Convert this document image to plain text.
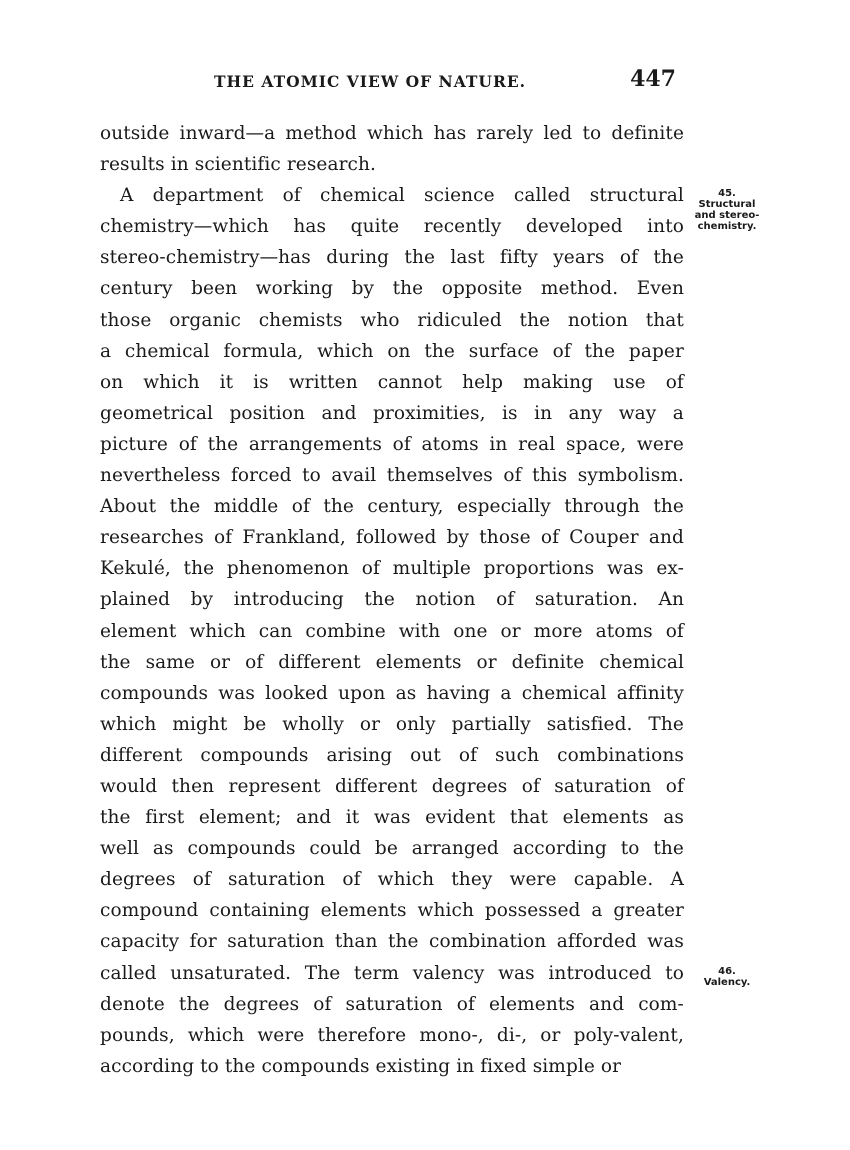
THE ATOMIC VIEW OF NATURE.	447
outside inward—a method which has rarely led to definite
results in scientific research.
A department of chemical science called structural
chemistry—which has quite recently developed into
stereo-chemistry—has during the last fifty years of the
century been working by the opposite method. Even
those organic chemists who ridiculed the notion that
a chemical formula, which on the surface of the paper
on which it is written cannot help making use of
geometrical position and proximities, is in any way a
picture of the arrangements of atoms in real space, were
nevertheless forced to avail themselves of this symbolism.
About the middle of the century, especially through the
researches of Frankland, followed by those of Couper and
Kekulé, the phenomenon of multiple proportions was ex-
plained by introducing the notion of saturation. An
element which can combine with one or more atoms of
the same or of different elements or definite chemical
compounds was looked upon as having a chemical affinity
which might be wholly or only partially satisfied. The
different compounds arising out of such combinations
would then represent different degrees of saturation of
the first element; and it was evident that elements as
well as compounds could be arranged according to the
degrees of saturation of which they were capable. A
compound containing elements which possessed a greater
capacity for saturation than the combination afforded was
called unsaturated. The term valency was introduced to
denote the degrees of saturation of elements and com-
pounds, which were therefore mono-, di-, or poly-valent,
according to the compounds existing in fixed simple or
45.
Structural
and stereo-
chemistry.
46.
Valency.
